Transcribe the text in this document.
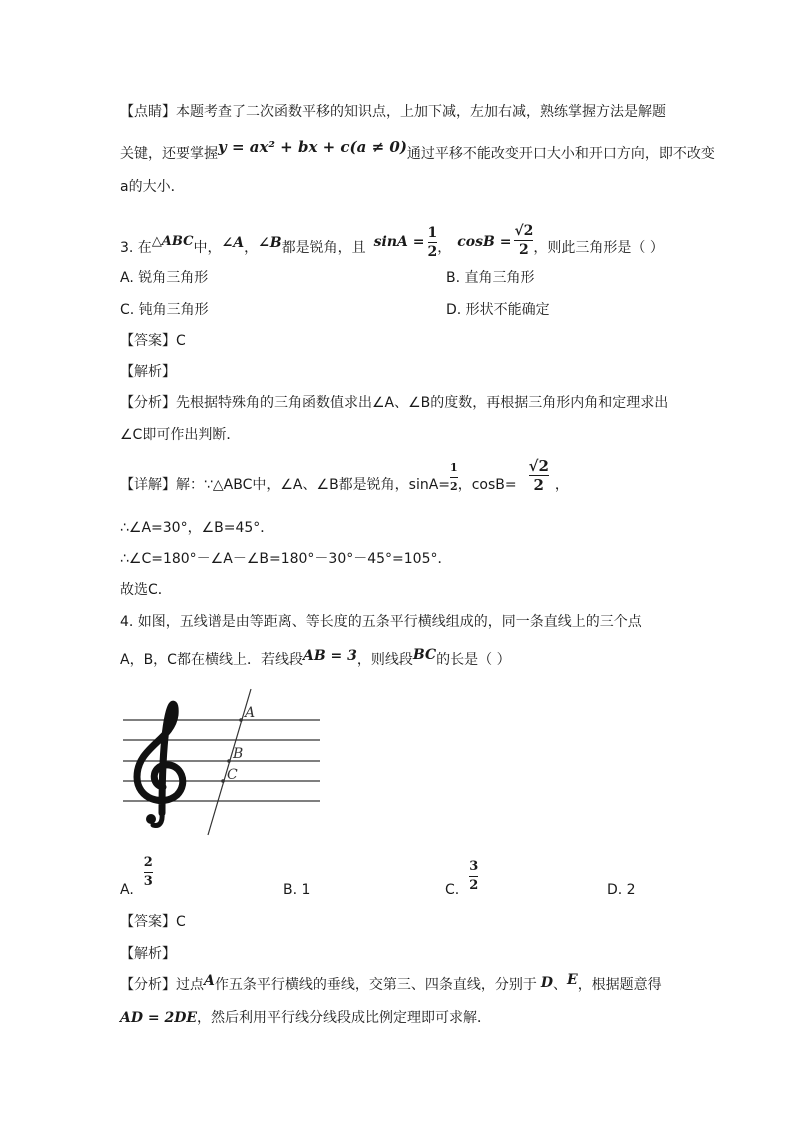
【点睛】本题考查了二次函数平移的知识点，上加下减，左加右减，熟练掌握方法是解题
关键，还要掌握y = ax² + bx + c(a ≠ 0)通过平移不能改变开口大小和开口方向，即不改变
a的大小．
3. 在 △ABC 中， ∠A ， ∠B 都是锐角，且 $\sin A = \frac{1}{2}$ ， $\cos B = \frac{√2}{2}$ ，则此三角形是（ ）
A. 锐角三角形	B. 直角三角形
C. 钝角三角形	D. 形状不能确定
【答案】C
【解析】
【分析】先根据特殊角的三角函数值求出∠A、∠B的度数，再根据三角形内角和定理求出
∠C即可作出判断．
【详解】 解：∵△ABC中，∠A、∠B都是锐角，$\sin A= \frac{1}{2}$ ，$\cos B= \frac{√2}{2}$ ，
∴∠A=30°，∠B=45°．
∴∠C=180°－∠A－∠B=180°－30°－45°=105°．
故选C．
4. 如图，五线谱是由等距离、等长度的五条平行横线组成的，同一条直线上的三个点
A，B，C都在横线上．若线段AB = 3，则线段BC的长是（ ）
A
B
C
A. $\frac{2}{3}$	B. 1	C. $\frac{3}{2}$	D. 2
【答案】C
【解析】
【分析】过点A作五条平行横线的垂线，交第三、四条直线，分别于 D、E，根据题意得
AD = 2DE，然后利用平行线分线段成比例定理即可求解．
